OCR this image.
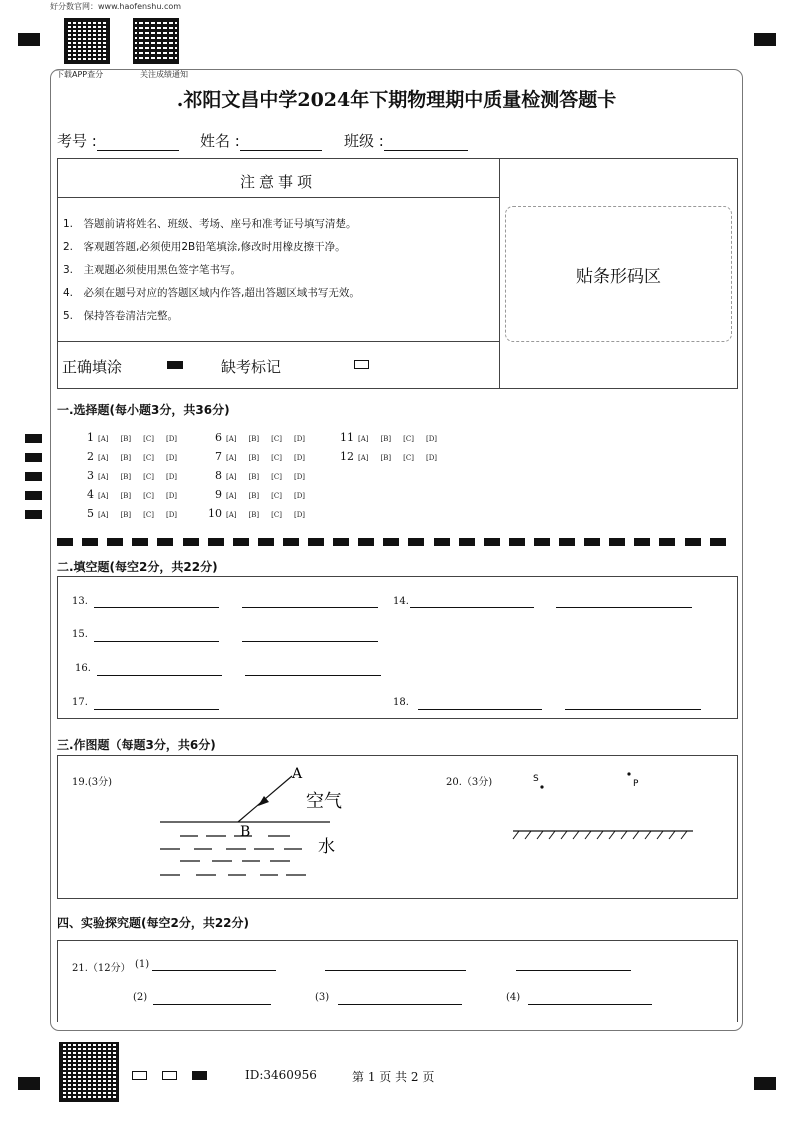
好分数官网：www.haofenshu.com
下载APP查分	关注成绩通知
.祁阳文昌中学2024年下期物理期中质量检测答题卡
考号 :	姓名 :	班级 :
注意事项
1.　答题前请将姓名、班级、考场、座号和准考证号填写清楚。
2.　客观题答题,必须使用2B铅笔填涂,修改时用橡皮擦干净。
3.　主观题必须使用黑色签字笔书写。
4.　必须在题号对应的答题区域内作答,超出答题区域书写无效。
5.　保持答卷清洁完整。
正确填涂	缺考标记
贴条形码区
一.选择题(每小题3分，共36分)
1 [A] [B] [C] [D]
2 [A] [B] [C] [D]
3 [A] [B] [C] [D]
4 [A] [B] [C] [D]
5 [A] [B] [C] [D]
6 [A] [B] [C] [D]
7 [A] [B] [C] [D]
8 [A] [B] [C] [D]
9 [A] [B] [C] [D]
10 [A] [B] [C] [D]
11 [A] [B] [C] [D]
12 [A] [B] [C] [D]
二.填空题(每空2分，共22分)
13.	14.
15.
16.
17.	18.
三.作图题（每题3分，共6分)
19.(3分)
A
B
空气
水
20.（3分)	S	P
四、实验探究题(每空2分，共22分)
21.（12分） (1)
(2)	(3)	(4)
ID:3460956	第 1 页 共 2 页
